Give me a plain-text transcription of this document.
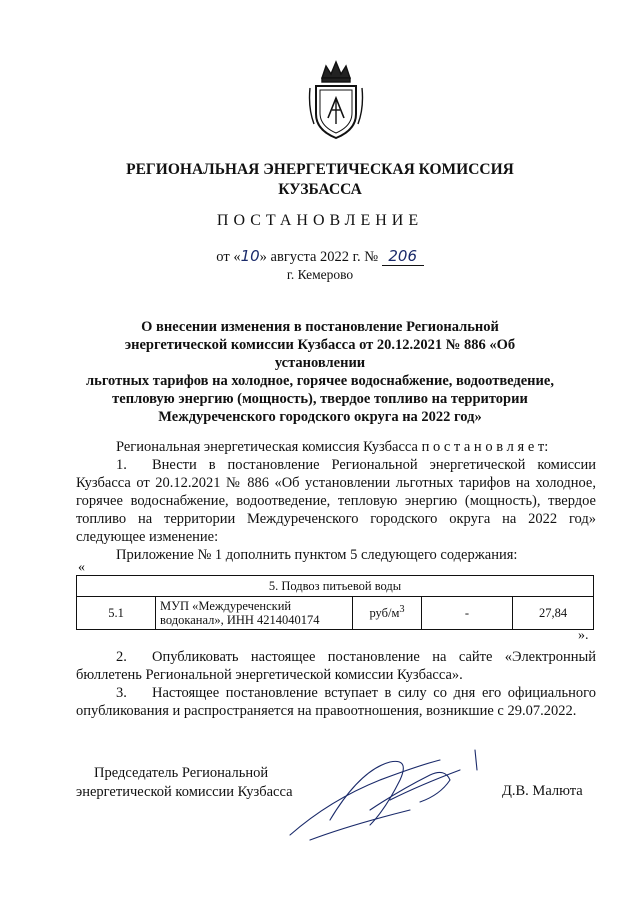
РЕГИОНАЛЬНАЯ ЭНЕРГЕТИЧЕСКАЯ КОМИССИЯ
КУЗБАССА
ПОСТАНОВЛЕНИЕ
от «10» августа 2022 г. № 206
г. Кемерово
О внесении изменения в постановление Региональной
энергетической комиссии Кузбасса от 20.12.2021 № 886 «Об установлении
льготных тарифов на холодное, горячее водоснабжение, водоотведение,
тепловую энергию (мощность), твердое топливо на территории
Междуреченского городского округа на 2022 год»
Региональная энергетическая комиссия Кузбасса п о с т а н о в л я е т:
1. Внести в постановление Региональной энергетической комиссии Кузбасса от 20.12.2021 № 886 «Об установлении льготных тарифов на холодное, горячее водоснабжение, водоотведение, тепловую энергию (мощность), твердое топливо на территории Междуреченского городского округа на 2022 год» следующее изменение:
Приложение № 1 дополнить пунктом 5 следующего содержания:
«
5. Подвоз питьевой воды
5.1	МУП «Междуреченский водоканал», ИНН 4214040174	руб/$м^3$	-	27,84
».
2. Опубликовать настоящее постановление на сайте «Электронный бюллетень Региональной энергетической комиссии Кузбасса».
3. Настоящее постановление вступает в силу со дня его официального опубликования и распространяется на правоотношения, возникшие с 29.07.2022.
Председатель Региональной
энергетической комиссии Кузбасса	Д.В. Малюта
